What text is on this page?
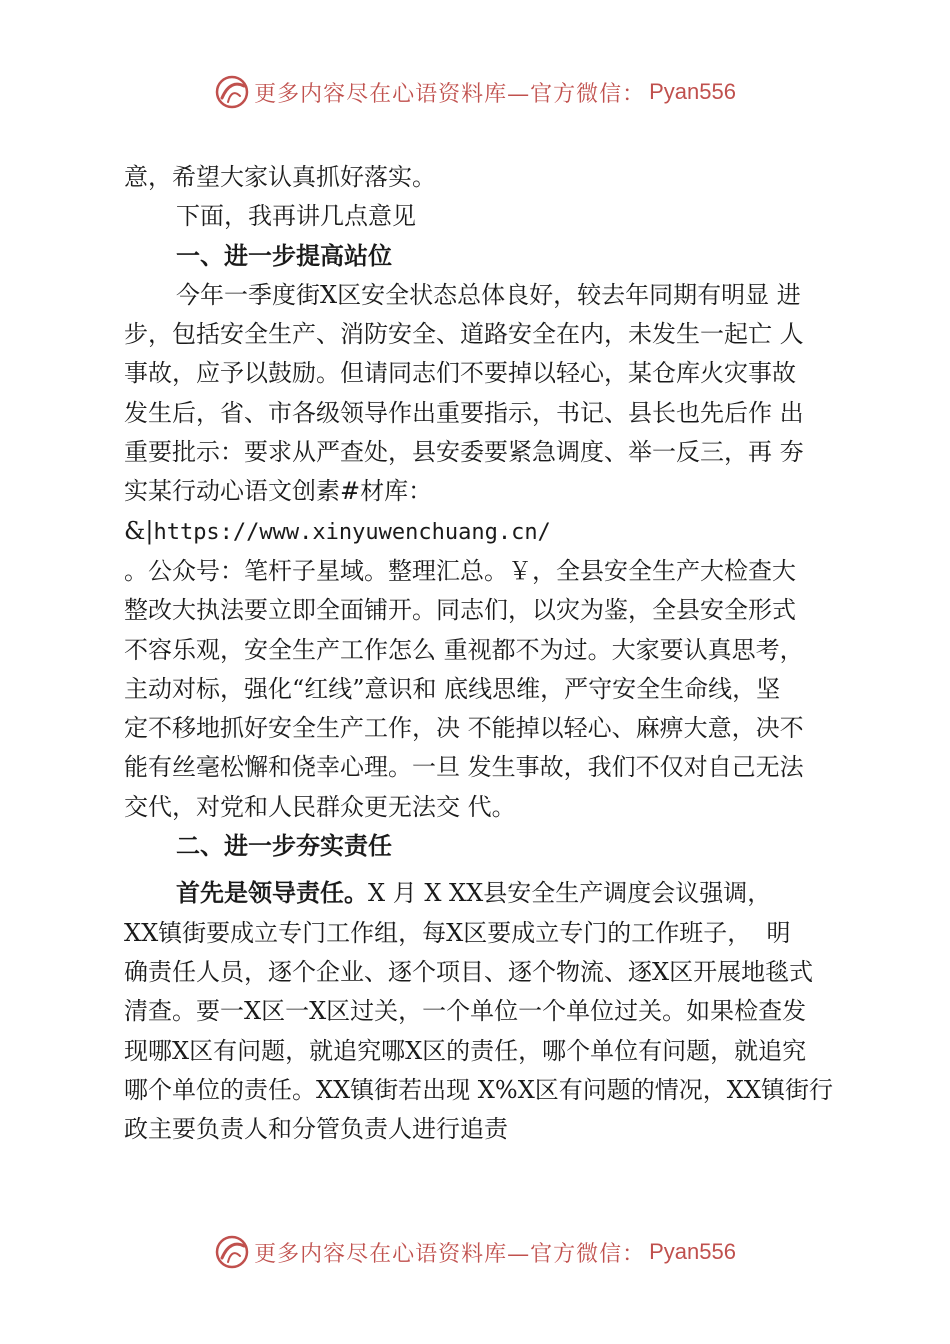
更多内容尽在心语资料库—官方微信： Pyan556

意，希望大家认真抓好落实。

下面，我再讲几点意见

一、进一步提高站位

今年一季度街X区安全状态总体良好，较去年同期有明显 进

步，包括安全生产、消防安全、道路安全在内，未发生一起亡 人

事故，应予以鼓励。但请同志们不要掉以轻心，某仓库火灾事故

发生后，省、市各级领导作出重要指示，书记、县长也先后作 出

重要批示：要求从严查处，县安委要紧急调度、举一反三，再 夯

实某行动心语文创素#材库：&|https://www.xinyuwenchuang.cn/

。公众号：笔杆子星域。整理汇总。￥，全县安全生产大检查大

整改大执法要立即全面铺开。同志们，以灾为鉴，全县安全形式

不容乐观，安全生产工作怎么 重视都不为过。大家要认真思考，

主动对标，强化“红线”意识和 底线思维，严守安全生命线，坚

定不移地抓好安全生产工作，决 不能掉以轻心、麻痹大意，决不

能有丝毫松懈和侥幸心理。一旦 发生事故，我们不仅对自己无法

交代，对党和人民群众更无法交 代。

二、进一步夯实责任

首先是领导责任。X 月 X XX县安全生产调度会议强调，

XX镇街要成立专门工作组，每X区要成立专门的工作班子，  明

确责任人员，逐个企业、逐个项目、逐个物流、逐X区开展地毯式

清查。要一X区一X区过关，一个单位一个单位过关。如果检查发

现哪X区有问题，就追究哪X区的责任，哪个单位有问题，就追究

哪个单位的责任。XX镇街若出现 X%X区有问题的情况，XX镇街行

政主要负责人和分管负责人进行追责

更多内容尽在心语资料库—官方微信： Pyan556
